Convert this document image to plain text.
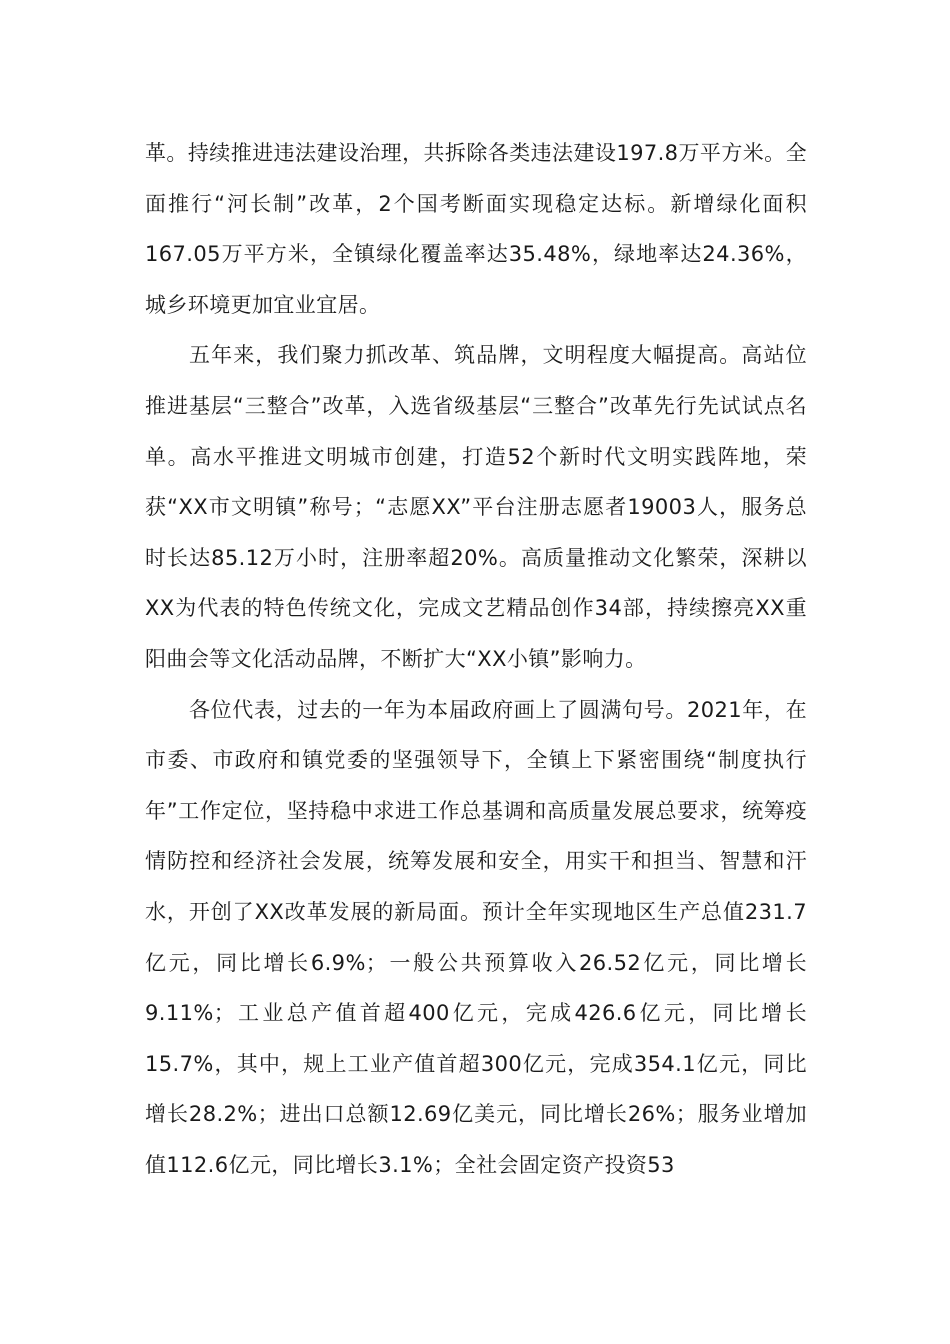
革。持续推进违法建设治理，共拆除各类违法建设197.8万平方米。全面推行“河长制”改革，2个国考断面实现稳定达标。新增绿化面积167.05万平方米，全镇绿化覆盖率达35.48%，绿地率达24.36%，城乡环境更加宜业宜居。

五年来，我们聚力抓改革、筑品牌，文明程度大幅提高。高站位推进基层“三整合”改革，入选省级基层“三整合”改革先行先试试点名单。高水平推进文明城市创建，打造52个新时代文明实践阵地，荣获“XX市文明镇”称号；“志愿XX”平台注册志愿者19003人，服务总时长达85.12万小时，注册率超20%。高质量推动文化繁荣，深耕以XX为代表的特色传统文化，完成文艺精品创作34部，持续擦亮XX重阳曲会等文化活动品牌，不断扩大“XX小镇”影响力。

各位代表，过去的一年为本届政府画上了圆满句号。2021年，在市委、市政府和镇党委的坚强领导下，全镇上下紧密围绕“制度执行年”工作定位，坚持稳中求进工作总基调和高质量发展总要求，统筹疫情防控和经济社会发展，统筹发展和安全，用实干和担当、智慧和汗水，开创了XX改革发展的新局面。预计全年实现地区生产总值231.7亿元，同比增长6.9%；一般公共预算收入26.52亿元，同比增长9.11%；工业总产值首超400亿元，完成426.6亿元，同比增长15.7%，其中，规上工业产值首超300亿元，完成354.1亿元，同比增长28.2%；进出口总额12.69亿美元，同比增长26%；服务业增加值112.6亿元，同比增长3.1%；全社会固定资产投资53
